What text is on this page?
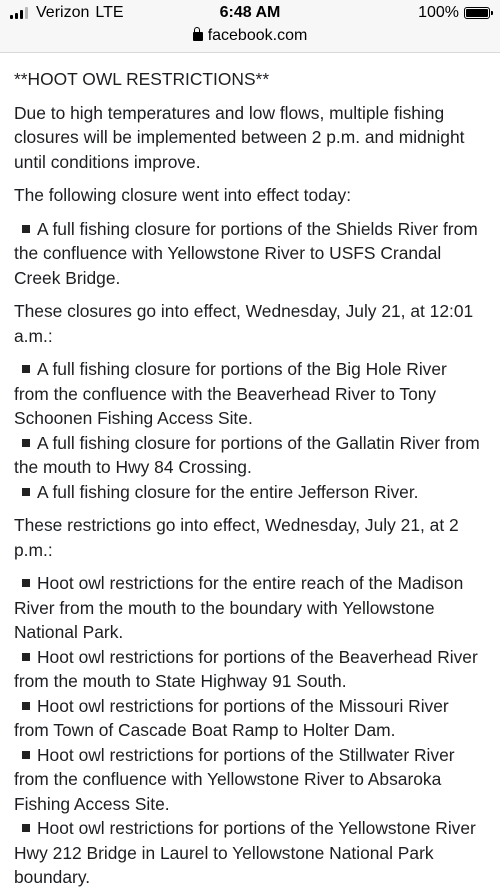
Verizon LTE	6:48 AM	100%
facebook.com

**HOOT OWL RESTRICTIONS**

Due to high temperatures and low flows, multiple fishing closures will be implemented between 2 p.m. and midnight until conditions improve.

The following closure went into effect today:

A full fishing closure for portions of the Shields River from the confluence with Yellowstone River to USFS Crandal Creek Bridge.

These closures go into effect, Wednesday, July 21, at 12:01 a.m.:

A full fishing closure for portions of the Big Hole River from the confluence with the Beaverhead River to Tony Schoonen Fishing Access Site.
A full fishing closure for portions of the Gallatin River from the mouth to Hwy 84 Crossing.
A full fishing closure for the entire Jefferson River.

These restrictions go into effect, Wednesday, July 21, at 2 p.m.:

Hoot owl restrictions for the entire reach of the Madison River from the mouth to the boundary with Yellowstone National Park.
Hoot owl restrictions for portions of the Beaverhead River from the mouth to State Highway 91 South.
Hoot owl restrictions for portions of the Missouri River from Town of Cascade Boat Ramp to Holter Dam.
Hoot owl restrictions for portions of the Stillwater River from the confluence with Yellowstone River to Absaroka Fishing Access Site.
Hoot owl restrictions for portions of the Yellowstone River Hwy 212 Bridge in Laurel to Yellowstone National Park boundary.
